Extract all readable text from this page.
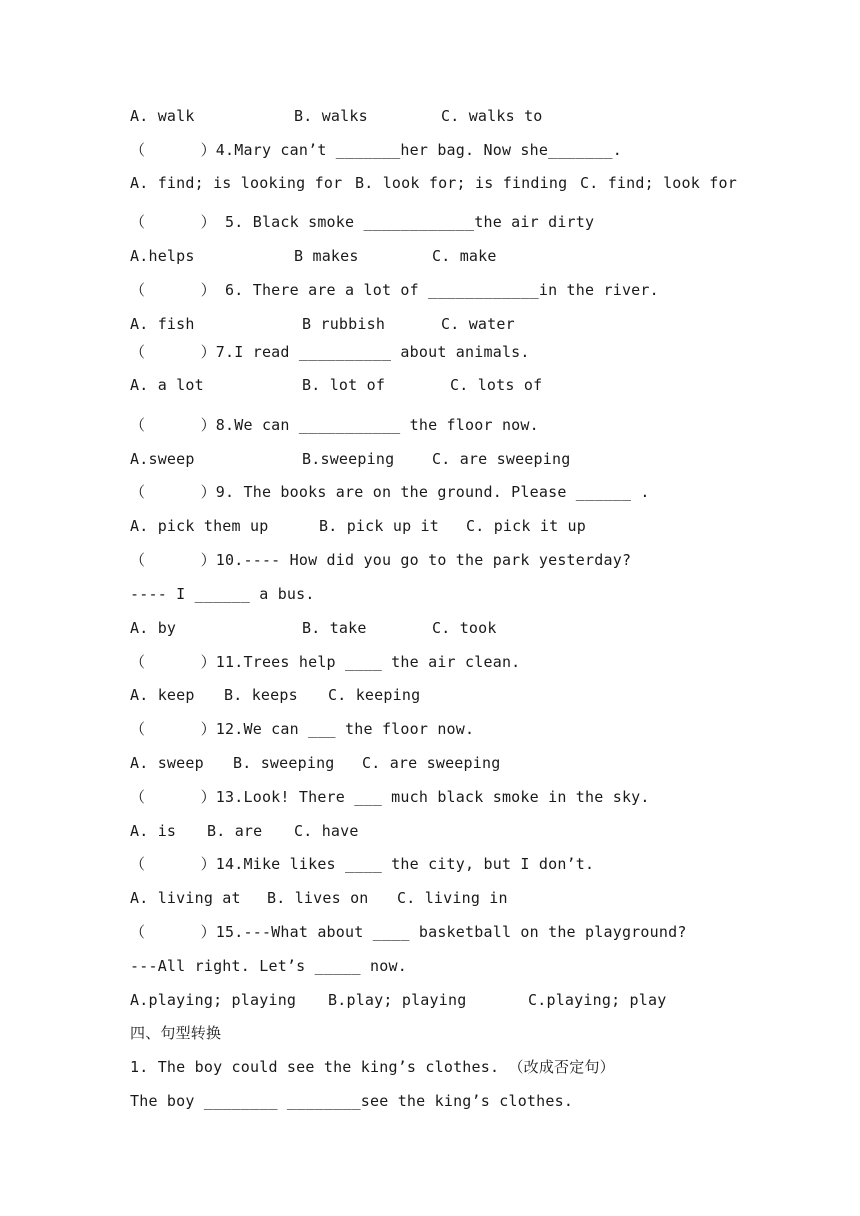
A. walk	B. walks	C. walks to
（      ）4.Mary can’t _______her bag. Now she_______.
A. find; is looking for B. look for; is finding C. find; look for
（      ） 5. Black smoke ____________the air dirty
A.helps	B makes	C. make
（      ） 6. There are a lot of ____________in the river.
A. fish	B rubbish	C. water
（      ）7.I read __________ about animals.
A. a lot	B. lot of	C. lots of
（      ）8.We can ___________ the floor now.
A.sweep	B.sweeping	C. are sweeping
（      ）9. The books are on the ground. Please ______ .
A. pick them up	B. pick up it C. pick it up
（      ）10.---- How did you go to the park yesterday?
---- I ______ a bus.
A. by	B. take	C. took
（      ）11.Trees help ____ the air clean.
A. keep B. keeps C. keeping
（      ）12.We can ___ the floor now.
A. sweep B. sweeping C. are sweeping
（      ）13.Look! There ___ much black smoke in the sky.
A. is B. are C. have
（      ）14.Mike likes ____ the city, but I don’t.
A. living at B. lives on C. living in
（      ）15.---What about ____ basketball on the playground?
---All right. Let’s _____ now.
A.playing; playing B.play; playing	C.playing; play
四、句型转换
1. The boy could see the king’s clothes. （改成否定句）
The boy ________ ________see the king’s clothes.
